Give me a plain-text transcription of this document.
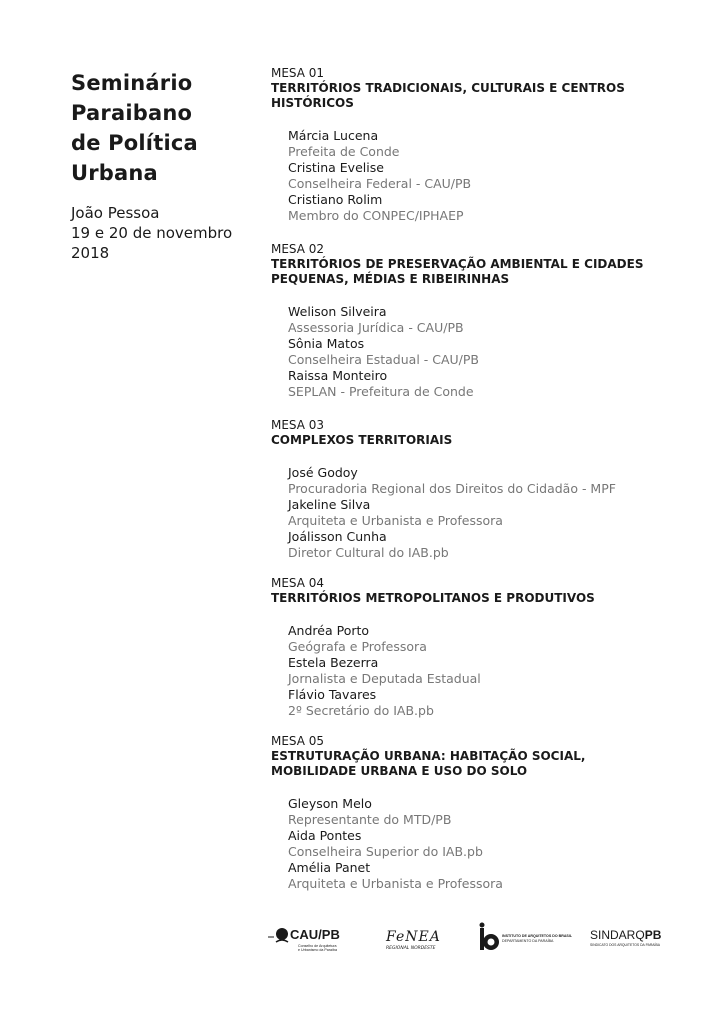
Seminário
Paraibano
de Política
Urbana
João Pessoa
19 e 20 de novembro
2018
MESA 01
TERRITÓRIOS TRADICIONAIS, CULTURAIS E CENTROS
HISTÓRICOS
Márcia Lucena
Prefeita de Conde
Cristina Evelise
Conselheira Federal - CAU/PB
Cristiano Rolim
Membro do CONPEC/IPHAEP
MESA 02
TERRITÓRIOS DE PRESERVAÇÃO AMBIENTAL E CIDADES
PEQUENAS, MÉDIAS E RIBEIRINHAS
Welison Silveira
Assessoria Jurídica - CAU/PB
Sônia Matos
Conselheira Estadual - CAU/PB
Raissa Monteiro
SEPLAN - Prefeitura de Conde
MESA 03
COMPLEXOS TERRITORIAIS
José Godoy
Procuradoria Regional dos Direitos do Cidadão - MPF
Jakeline Silva
Arquiteta e Urbanista e Professora
Joálisson Cunha
Diretor Cultural do IAB.pb
MESA 04
TERRITÓRIOS METROPOLITANOS E PRODUTIVOS
Andréa Porto
Geógrafa e Professora
Estela Bezerra
Jornalista e Deputada Estadual
Flávio Tavares
2º Secretário do IAB.pb
MESA 05
ESTRUTURAÇÃO URBANA: HABITAÇÃO SOCIAL,
MOBILIDADE URBANA E USO DO SOLO
Gleyson Melo
Representante do MTD/PB
Aida Pontes
Conselheira Superior do IAB.pb
Amélia Panet
Arquiteta e Urbanista e Professora
CAU/PB
Conselho de Arquitetura
e Urbanismo da Paraíba
FeNEA
REGIONAL NORDESTE
INSTITUTO DE ARQUITETOS DO BRASIL
DEPARTAMENTO DA PARAÍBA	SINDARQPB
SINDICATO DOS ARQUITETOS DA PARAÍBA
